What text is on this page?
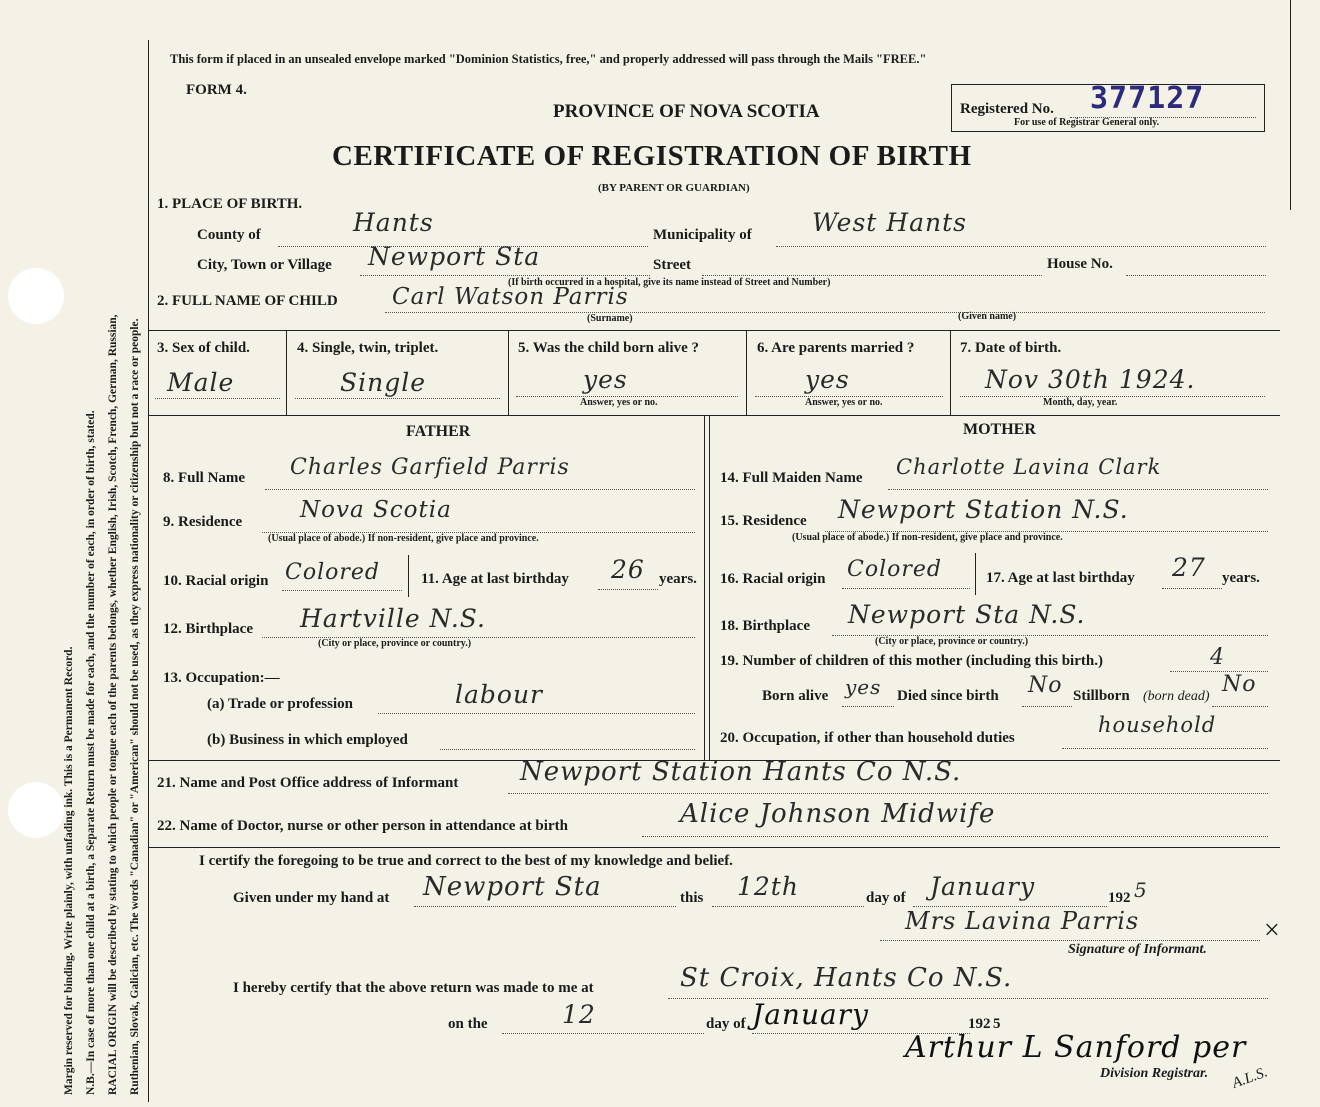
Margin reserved for binding. Write plainly, with unfading ink. This is a Permanent Record. N.B.—In case of more than one child at a birth, a Separate Return must be made for each, and the number of each, in order of birth, stated. RACIAL ORIGIN will be described by stating to which people or tongue each of the parents belongs, whether English, Irish, Scotch, French, German, Russian, Ruthenian, Slovak, Galician, etc. The words "Canadian" or "American" should not be used, as they express nationality or citizenship but not a race or people.
This form if placed in an unsealed envelope marked "Dominion Statistics, free," and properly addressed will pass through the Mails "FREE."
FORM 4.
PROVINCE OF NOVA SCOTIA
CERTIFICATE OF REGISTRATION OF BIRTH
(BY PARENT OR GUARDIAN)
Registered No. 377127
For use of Registrar General only.
1. PLACE OF BIRTH.
County of	Hants	Municipality of West Hants
City, Town or Village Newport Sta	Street	House No.
(If birth occurred in a hospital, give its name instead of Street and Number)
2. FULL NAME OF CHILD Carl Watson Parris
(Surname)	(Given name)
3. Sex of child.
Male
4. Single, twin, triplet.
Single
5. Was the child born alive ?
yes
Answer, yes or no.
6. Are parents married ?
yes
Answer, yes or no.
7. Date of birth.
Nov 30th 1924.
Month, day, year.
FATHER	MOTHER
8. Full Name Charles Garfield Parris
9. Residence	Nova Scotia
(Usual place of abode.) If non-resident, give place and province.
10. Racial origin Colored	11. Age at last birthday 26 years.
12. Birthplace Hartville N.S.
(City or place, province or country.)
13. Occupation:—
(a) Trade or profession	labour
(b) Business in which employed
14. Full Maiden Name Charlotte Lavina Clark
15. Residence Newport Station N.S.
(Usual place of abode.) If non-resident, give place and province.
16. Racial origin Colored	17. Age at last birthday 27 years.
18. Birthplace Newport Sta N.S.
(City or place, province or country.)
19. Number of children of this mother (including this birth.)	4
Born alive yes Died since birth No Stillborn (born dead) No
20. Occupation, if other than household duties
household
21. Name and Post Office address of Informant Newport Station Hants Co N.S.
22. Name of Doctor, nurse or other person in attendance at birth	Alice Johnson Midwife
I certify the foregoing to be true and correct to the best of my knowledge and belief.
Given under my hand at Newport Sta	this 12th	day of January	192 5
Mrs Lavina Parris	×
Signature of Informant.
I hereby certify that the above return was made to me at	St Croix, Hants Co N.S.
on the	12	day of January	192 5
Arthur L Sanford per
A.L.S.
Division Registrar.
